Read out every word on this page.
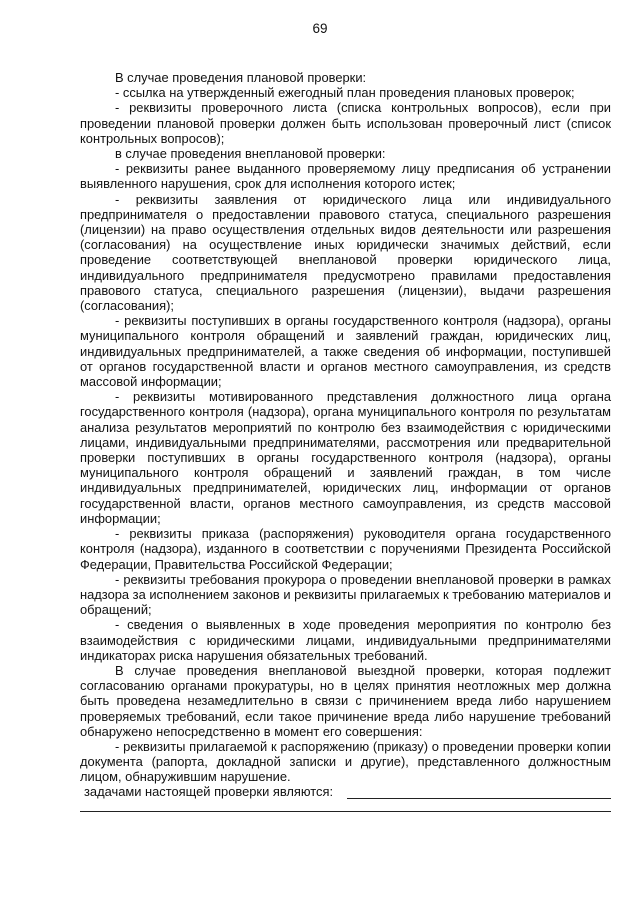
69

В случае проведения плановой проверки:

- ссылка на утвержденный ежегодный план проведения плановых проверок;

- реквизиты проверочного листа (списка контрольных вопросов), если при проведении плановой проверки должен быть использован проверочный лист (список контрольных вопросов);

в случае проведения внеплановой проверки:

- реквизиты ранее выданного проверяемому лицу предписания об устранении выявленного нарушения, срок для исполнения которого истек;

- реквизиты заявления от юридического лица или индивидуального предпринимателя о предоставлении правового статуса, специального разрешения (лицензии) на право осуществления отдельных видов деятельности или разрешения (согласования) на осуществление иных юридически значимых действий, если проведение соответствующей внеплановой проверки юридического лица, индивидуального предпринимателя предусмотрено правилами предоставления правового статуса, специального разрешения (лицензии), выдачи разрешения (согласования);

- реквизиты поступивших в органы государственного контроля (надзора), органы муниципального контроля обращений и заявлений граждан, юридических лиц, индивидуальных предпринимателей, а также сведения об информации, поступившей от органов государственной власти и органов местного самоуправления, из средств массовой информации;

- реквизиты мотивированного представления должностного лица органа государственного контроля (надзора), органа муниципального контроля по результатам анализа результатов мероприятий по контролю без взаимодействия с юридическими лицами, индивидуальными предпринимателями, рассмотрения или предварительной проверки поступивших в органы государственного контроля (надзора), органы муниципального контроля обращений и заявлений граждан, в том числе индивидуальных предпринимателей, юридических лиц, информации от органов государственной власти, органов местного самоуправления, из средств массовой информации;

- реквизиты приказа (распоряжения) руководителя органа государственного контроля (надзора), изданного в соответствии с поручениями Президента Российской Федерации, Правительства Российской Федерации;

- реквизиты требования прокурора о проведении внеплановой проверки в рамках надзора за исполнением законов и реквизиты прилагаемых к требованию материалов и обращений;

- сведения о выявленных в ходе проведения мероприятия по контролю без взаимодействия с юридическими лицами, индивидуальными предпринимателями индикаторах риска нарушения обязательных требований.

В случае проведения внеплановой выездной проверки, которая подлежит согласованию органами прокуратуры, но в целях принятия неотложных мер должна быть проведена незамедлительно в связи с причинением вреда либо нарушением проверяемых требований, если такое причинение вреда либо нарушение требований обнаружено непосредственно в момент его совершения:

- реквизиты прилагаемой к распоряжению (приказу) о проведении проверки копии документа (рапорта, докладной записки и другие), представленного должностным лицом, обнаружившим нарушение.

задачами настоящей проверки являются:
